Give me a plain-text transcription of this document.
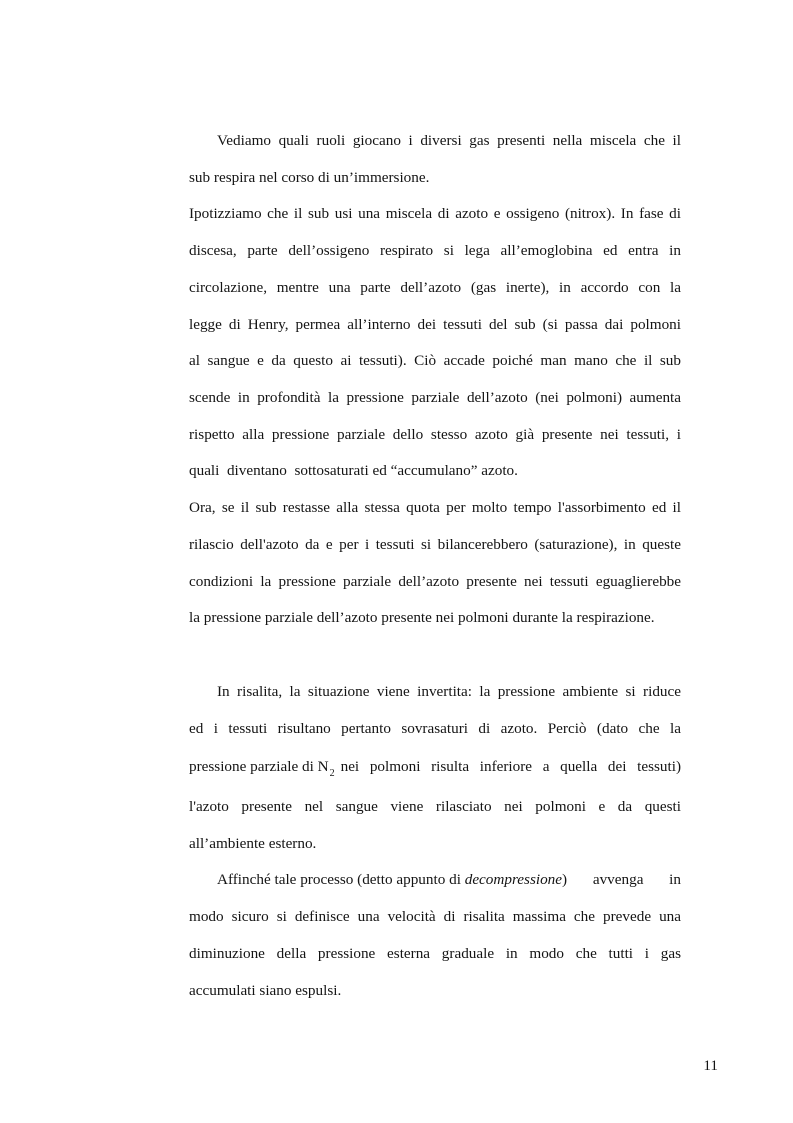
Vediamo quali ruoli giocano i diversi gas presenti nella miscela che il
sub respira nel corso di un’immersione.
Ipotizziamo che il sub usi una miscela di azoto e ossigeno (nitrox). In fase di
discesa, parte dell’ossigeno respirato si lega all’emoglobina ed entra in
circolazione, mentre una parte dell’azoto (gas inerte), in accordo con la
legge di Henry, permea all’interno dei tessuti del sub (si passa dai polmoni
al sangue e da questo ai tessuti). Ciò accade poiché man mano che il sub
scende in profondità la pressione parziale dell’azoto (nei polmoni) aumenta
rispetto alla pressione parziale dello stesso azoto già presente nei tessuti, i
quali  diventano  sottosaturati ed “accumulano” azoto.
Ora, se il sub restasse alla stessa quota per molto tempo l'assorbimento ed il
rilascio dell'azoto da e per i tessuti si bilancerebbero (saturazione), in queste
condizioni la pressione parziale dell’azoto presente nei tessuti eguaglierebbe
la pressione parziale dell’azoto presente nei polmoni durante la respirazione.
In risalita, la situazione viene invertita: la pressione ambiente si riduce
ed i tessuti risultano pertanto sovrasaturi di azoto. Perciò (dato che la
pressione parziale di $N_2$ nei polmoni risulta inferiore a quella dei tessuti)
l'azoto presente nel sangue viene rilasciato nei polmoni e da questi
all’ambiente esterno.
Affinché tale processo (detto appunto di decompressione ) avvenga in
modo sicuro si definisce una velocità di risalita massima che prevede una
diminuzione della pressione esterna graduale in modo che tutti i gas
accumulati siano espulsi.
11
